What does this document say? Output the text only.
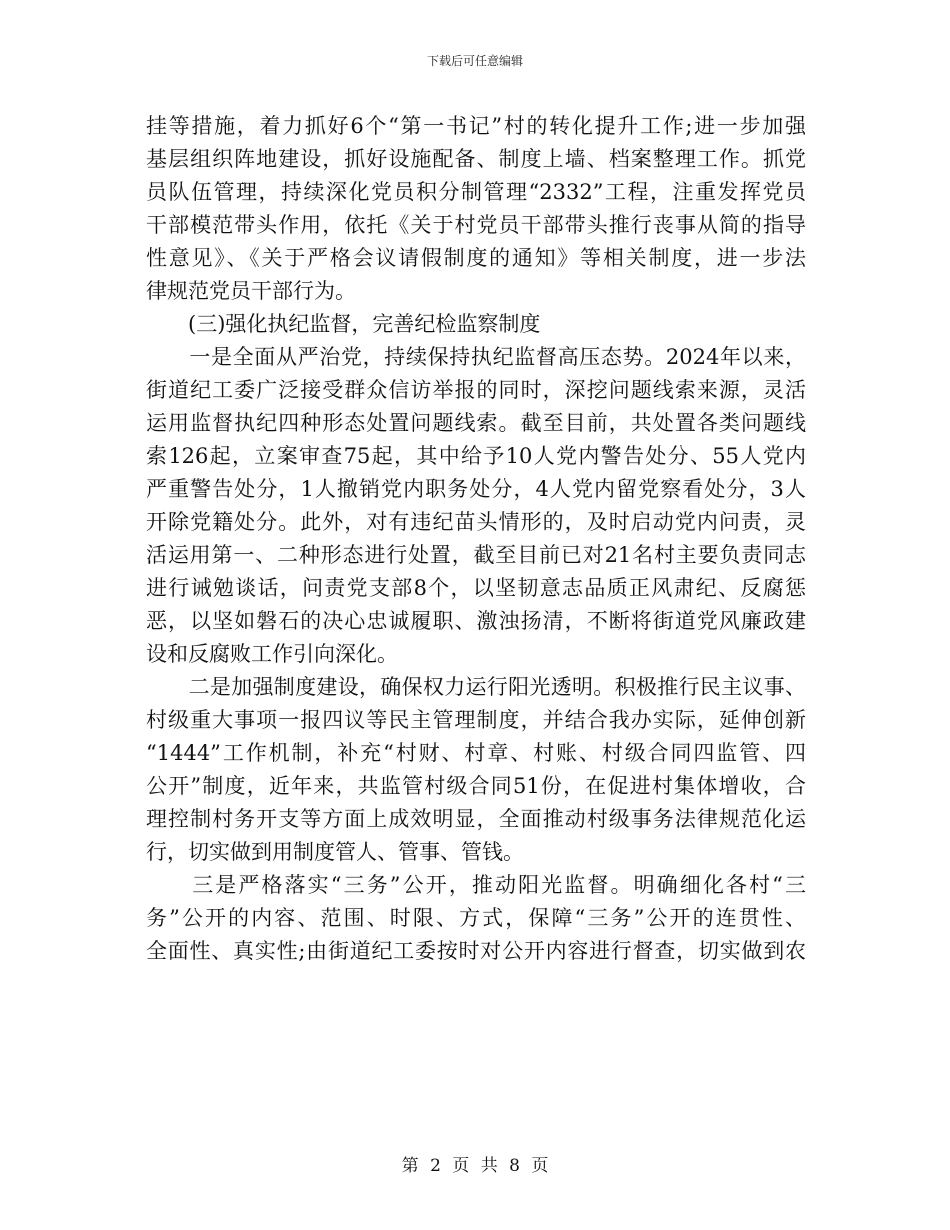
下载后可任意编辑
挂等措施，着力抓好6个“第一书记”村的转化提升工作;进一步加强
基层组织阵地建设，抓好设施配备、制度上墙、档案整理工作。抓党
员队伍管理，持续深化党员积分制管理“2332”工程，注重发挥党员
干部模范带头作用，依托《关于村党员干部带头推行丧事从简的指导
性意见》、《关于严格会议请假制度的通知》等相关制度，进一步法
律规范党员干部行为。
　　(三)强化执纪监督，完善纪检监察制度
　　一是全面从严治党，持续保持执纪监督高压态势。2024年以来，
街道纪工委广泛接受群众信访举报的同时，深挖问题线索来源，灵活
运用监督执纪四种形态处置问题线索。截至目前，共处置各类问题线
索126起，立案审查75起，其中给予10人党内警告处分、55人党内
严重警告处分，1人撤销党内职务处分，4人党内留党察看处分，3人
开除党籍处分。此外，对有违纪苗头情形的，及时启动党内问责，灵
活运用第一、二种形态进行处置，截至目前已对21名村主要负责同志
进行诫勉谈话，问责党支部8个，以坚韧意志品质正风肃纪、反腐惩
恶，以坚如磐石的决心忠诚履职、激浊扬清，不断将街道党风廉政建
设和反腐败工作引向深化。
　　二是加强制度建设，确保权力运行阳光透明。积极推行民主议事、
村级重大事项一报四议等民主管理制度，并结合我办实际，延伸创新
“1444”工作机制，补充“村财、村章、村账、村级合同四监管、四
公开”制度，近年来，共监管村级合同51份，在促进村集体增收，合
理控制村务开支等方面上成效明显，全面推动村级事务法律规范化运
行，切实做到用制度管人、管事、管钱。
　　三是严格落实“三务”公开，推动阳光监督。明确细化各村“三
务”公开的内容、范围、时限、方式，保障“三务”公开的连贯性、
全面性、真实性;由街道纪工委按时对公开内容进行督查，切实做到农
第 2 页 共 8 页
